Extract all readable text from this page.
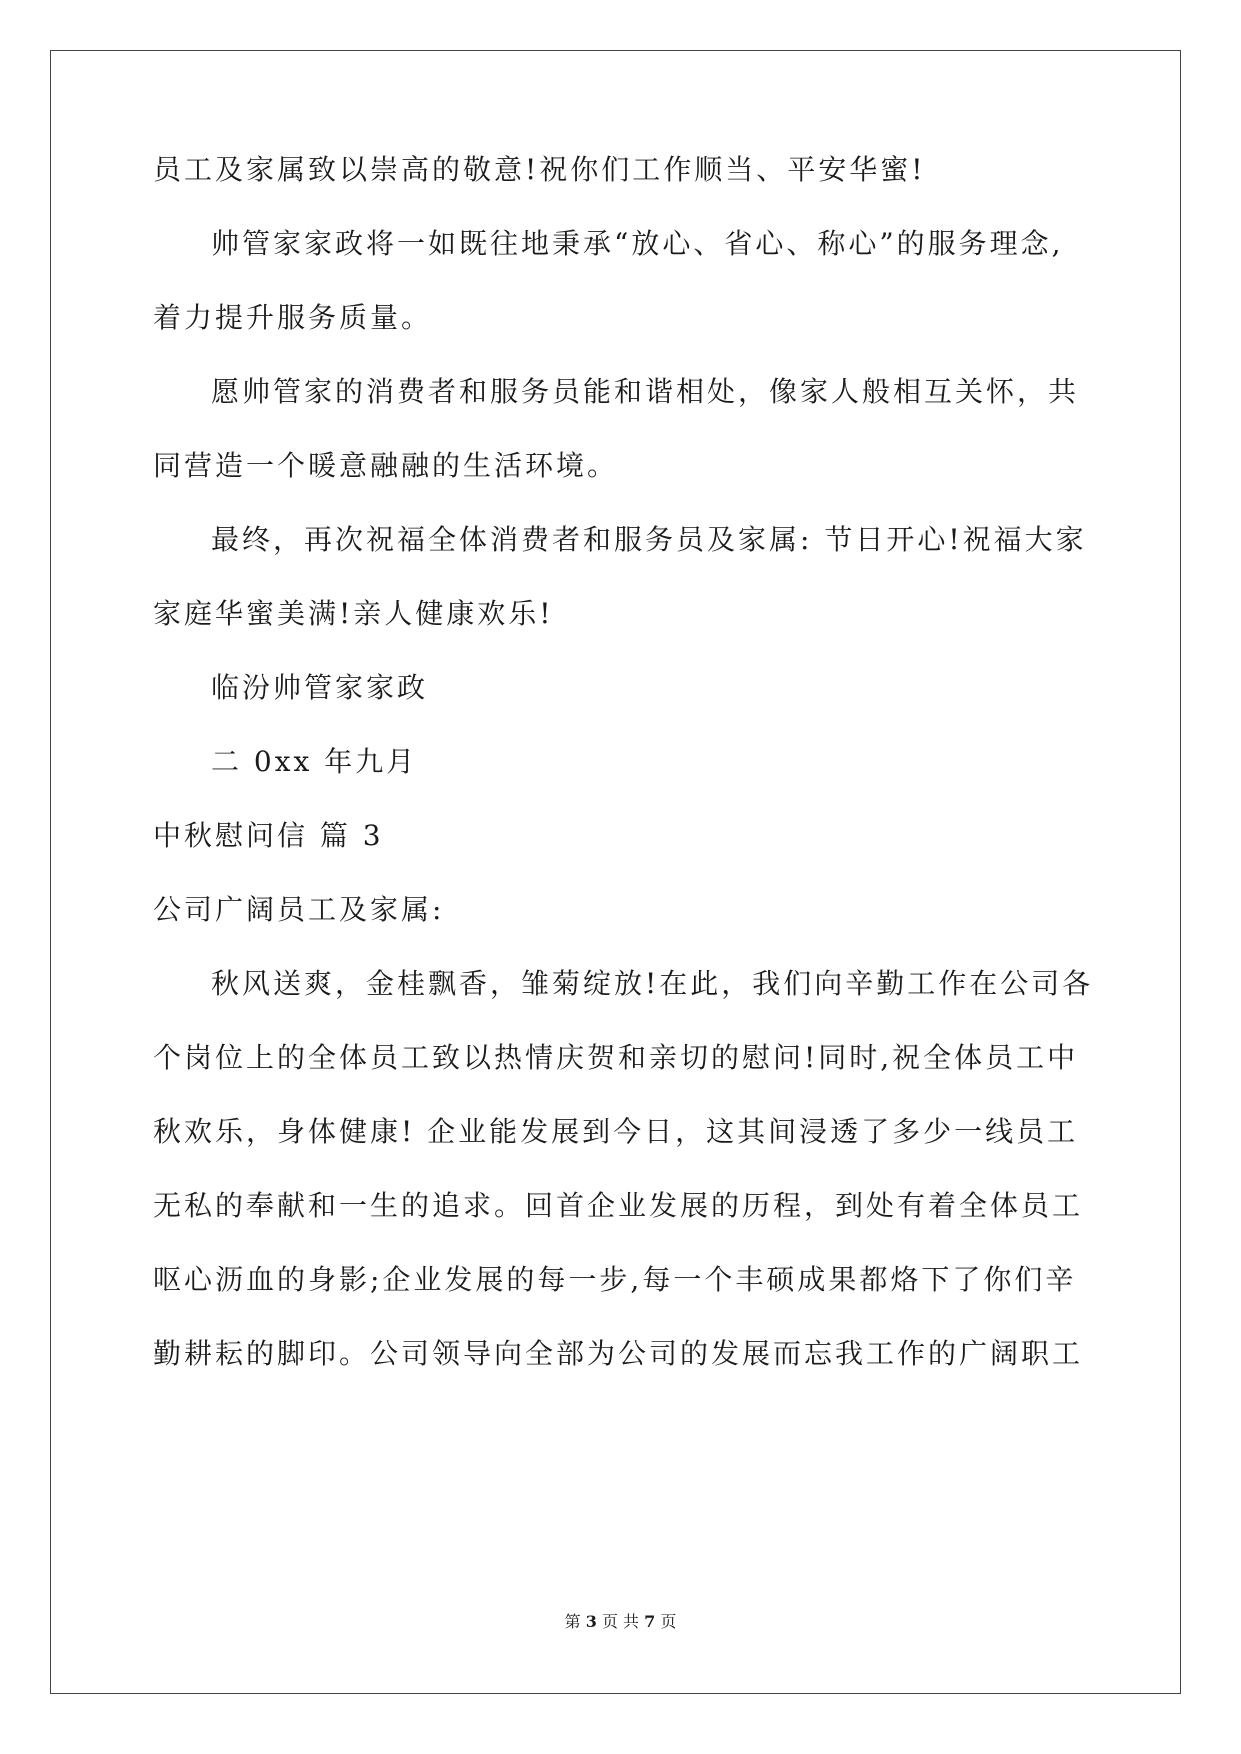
员工及家属致以崇高的敬意!祝你们工作顺当、平安华蜜!
帅管家家政将一如既往地秉承“放心、省心、称心”的服务理念,
着力提升服务质量。
愿帅管家的消费者和服务员能和谐相处，像家人般相互关怀，共
同营造一个暖意融融的生活环境。
最终，再次祝福全体消费者和服务员及家属: 节日开心!祝福大家
家庭华蜜美满!亲人健康欢乐!
临汾帅管家家政
二 0xx 年九月
中秋慰问信 篇 3
公司广阔员工及家属:
秋风送爽，金桂飘香，雏菊绽放!在此，我们向辛勤工作在公司各
个岗位上的全体员工致以热情庆贺和亲切的慰问!同时,祝全体员工中
秋欢乐，身体健康! 企业能发展到今日，这其间浸透了多少一线员工
无私的奉献和一生的追求。回首企业发展的历程，到处有着全体员工
呕心沥血的身影;企业发展的每一步,每一个丰硕成果都烙下了你们辛
勤耕耘的脚印。公司领导向全部为公司的发展而忘我工作的广阔职工
第 3 页 共 7 页
